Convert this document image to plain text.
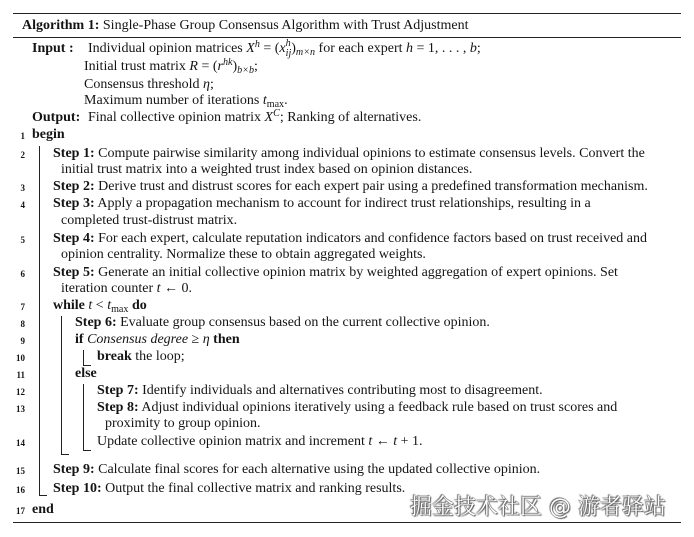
Algorithm 1: Single-Phase Group Consensus Algorithm with Trust Adjustment
Input : Individual opinion matrices $X^h = (x$ h
ij )$_{m\times n}$ for each expert h = 1, . . . , b;
Initial trust matrix $R = (r^{hk})_{b\times b}$;
Consensus threshold η;
Maximum number of iterations $t_{max}$.
Output: Final collective opinion matrix $X^C$; Ranking of alternatives.
1
2
3
4
5
6
7
8
9
10
11
12
13
14
15
16
17
begin
Step 1: Compute pairwise similarity among individual opinions to estimate consensus levels. Convert the
initial trust matrix into a weighted trust index based on opinion distances.
Step 2: Derive trust and distrust scores for each expert pair using a predefined transformation mechanism.
Step 3: Apply a propagation mechanism to account for indirect trust relationships, resulting in a
completed trust-distrust matrix.
Step 4: For each expert, calculate reputation indicators and confidence factors based on trust received and
opinion centrality. Normalize these to obtain aggregated weights.
Step 5: Generate an initial collective opinion matrix by weighted aggregation of expert opinions. Set
iteration counter t ← 0.
while $t < t_{max}$ do
Step 6: Evaluate group consensus based on the current collective opinion.
if Consensus degree ≥ η then
break the loop;
else
Step 7: Identify individuals and alternatives contributing most to disagreement.
Step 8: Adjust individual opinions iteratively using a feedback rule based on trust scores and
proximity to group opinion.
Update collective opinion matrix and increment t ← t + 1.
Step 9: Calculate final scores for each alternative using the updated collective opinion.
Step 10: Output the final collective matrix and ranking results.
end	掘金技术社区 @ 游者驿站
